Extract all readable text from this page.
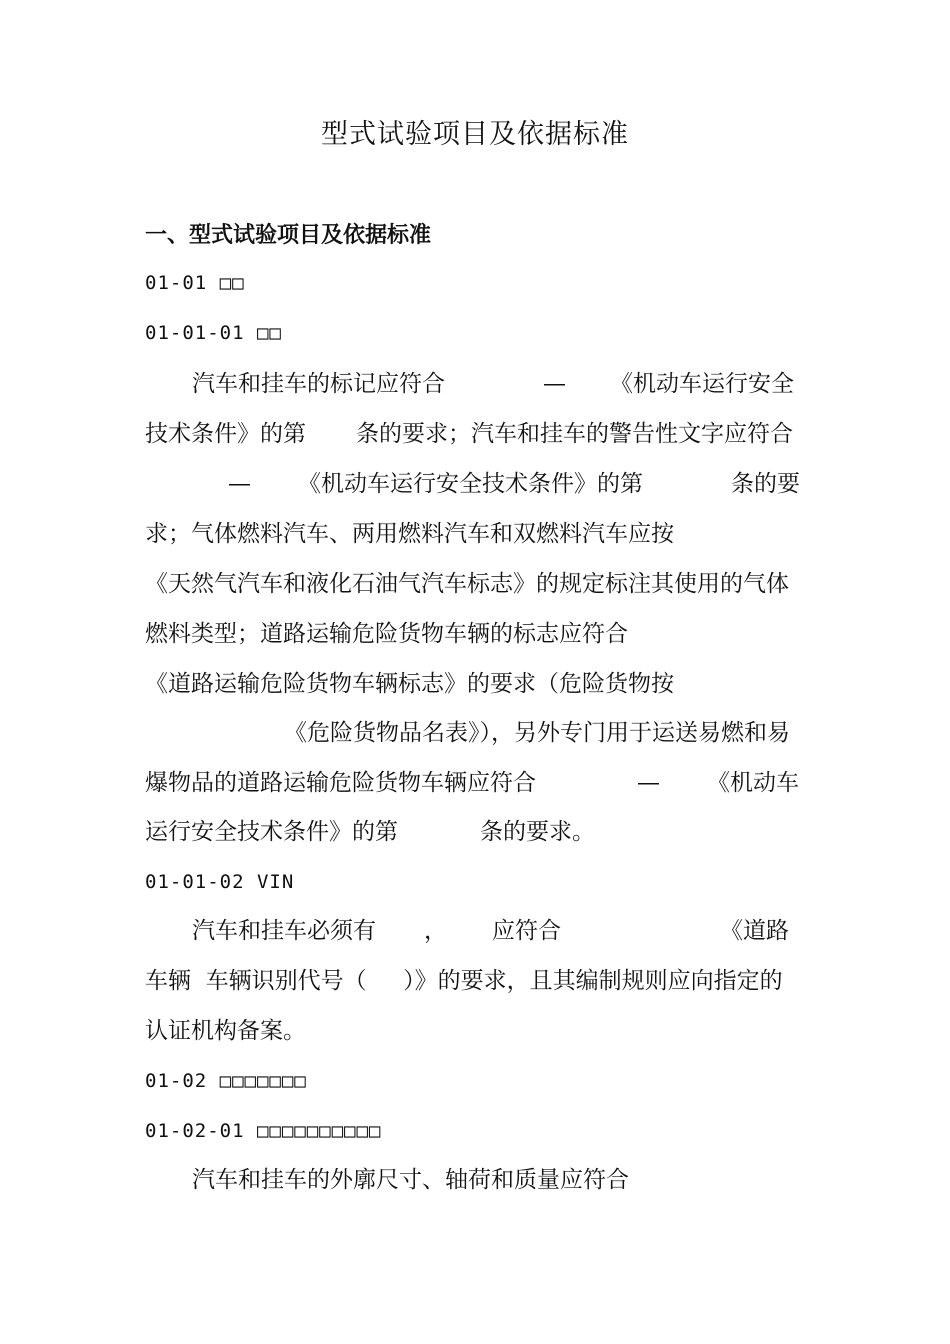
型式试验项目及依据标准
一、型式试验项目及依据标准
01-01 □□
01-01-01 □□
汽车和挂车的标记应符合	— 《机动车运行安全
技术条件》的第 条的要求；汽车和挂车的警告性文字应符合
— 《机动车运行安全技术条件》的第	条的要
求；气体燃料汽车、两用燃料汽车和双燃料汽车应按
《天然气汽车和液化石油气汽车标志》的规定标注其使用的气体
燃料类型；道路运输危险货物车辆的标志应符合
《道路运输危险货物车辆标志》的要求（危险货物按
《危险货物品名表》），另外专门用于运送易燃和易
爆物品的道路运输危险货物车辆应符合	— 《机动车
运行安全技术条件》的第	条的要求。
01-01-02 VIN
汽车和挂车必须有 ， 应符合	《道路
车辆  车辆识别代号（     ）》的要求，且其编制规则应向指定的
认证机构备案。
01-02 □□□□□□□
01-02-01 □□□□□□□□□□
汽车和挂车的外廓尺寸、轴荷和质量应符合
